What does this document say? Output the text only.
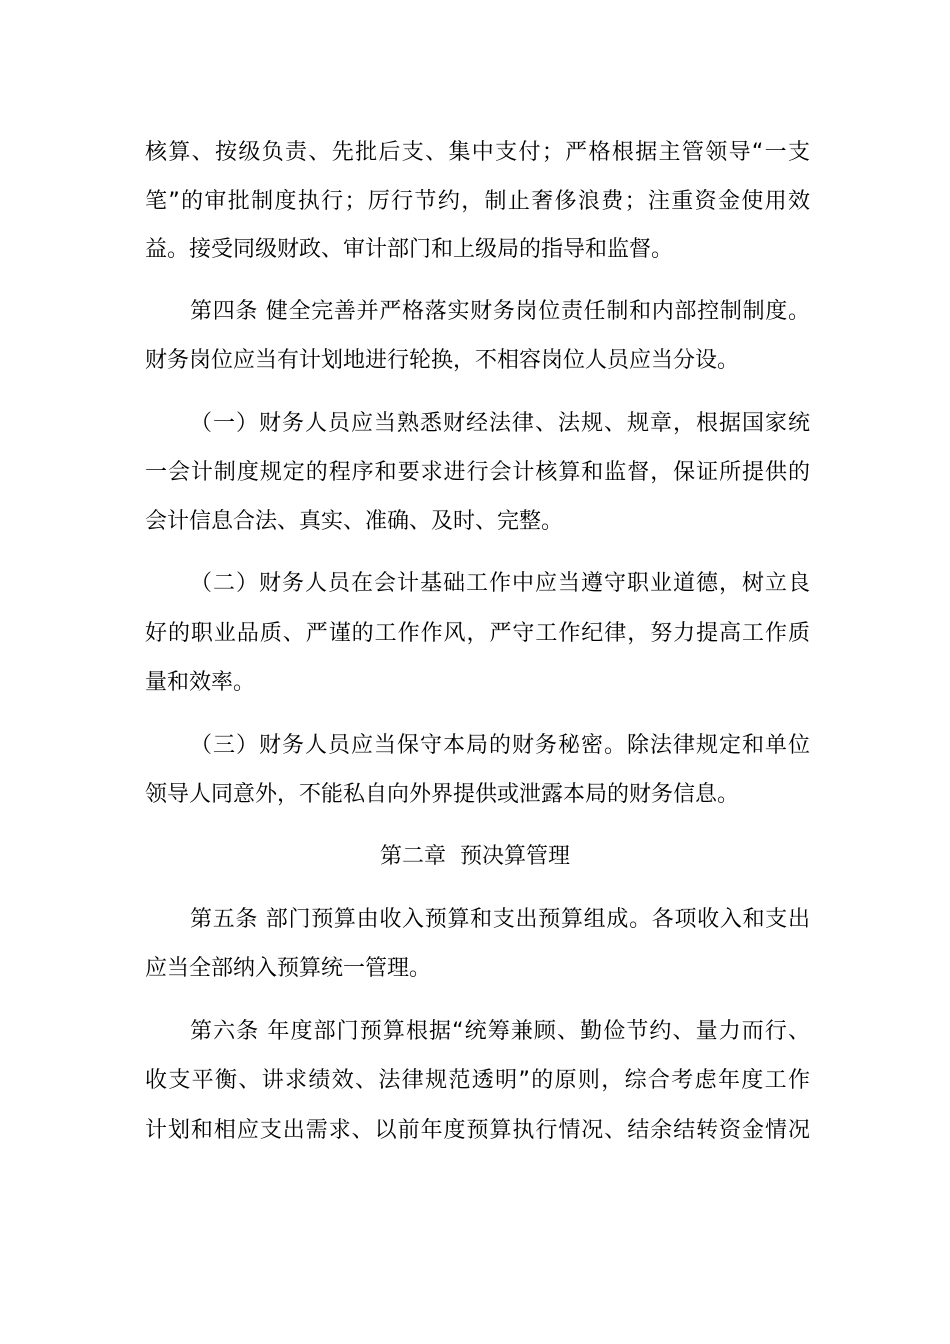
核算、按级负责、先批后支、集中支付；严格根据主管领导“一支
笔”的审批制度执行；厉行节约，制止奢侈浪费；注重资金使用效
益。接受同级财政、审计部门和上级局的指导和监督。
第四条 健全完善并严格落实财务岗位责任制和内部控制制度。
财务岗位应当有计划地进行轮换，不相容岗位人员应当分设。
（一）财务人员应当熟悉财经法律、法规、规章，根据国家统
一会计制度规定的程序和要求进行会计核算和监督，保证所提供的
会计信息合法、真实、准确、及时、完整。
（二）财务人员在会计基础工作中应当遵守职业道德，树立良
好的职业品质、严谨的工作作风，严守工作纪律，努力提高工作质
量和效率。
（三）财务人员应当保守本局的财务秘密。除法律规定和单位
领导人同意外，不能私自向外界提供或泄露本局的财务信息。
第二章  预决算管理
第五条 部门预算由收入预算和支出预算组成。各项收入和支出
应当全部纳入预算统一管理。
第六条 年度部门预算根据“统筹兼顾、勤俭节约、量力而行、
收支平衡、讲求绩效、法律规范透明”的原则，综合考虑年度工作
计划和相应支出需求、以前年度预算执行情况、结余结转资金情况
